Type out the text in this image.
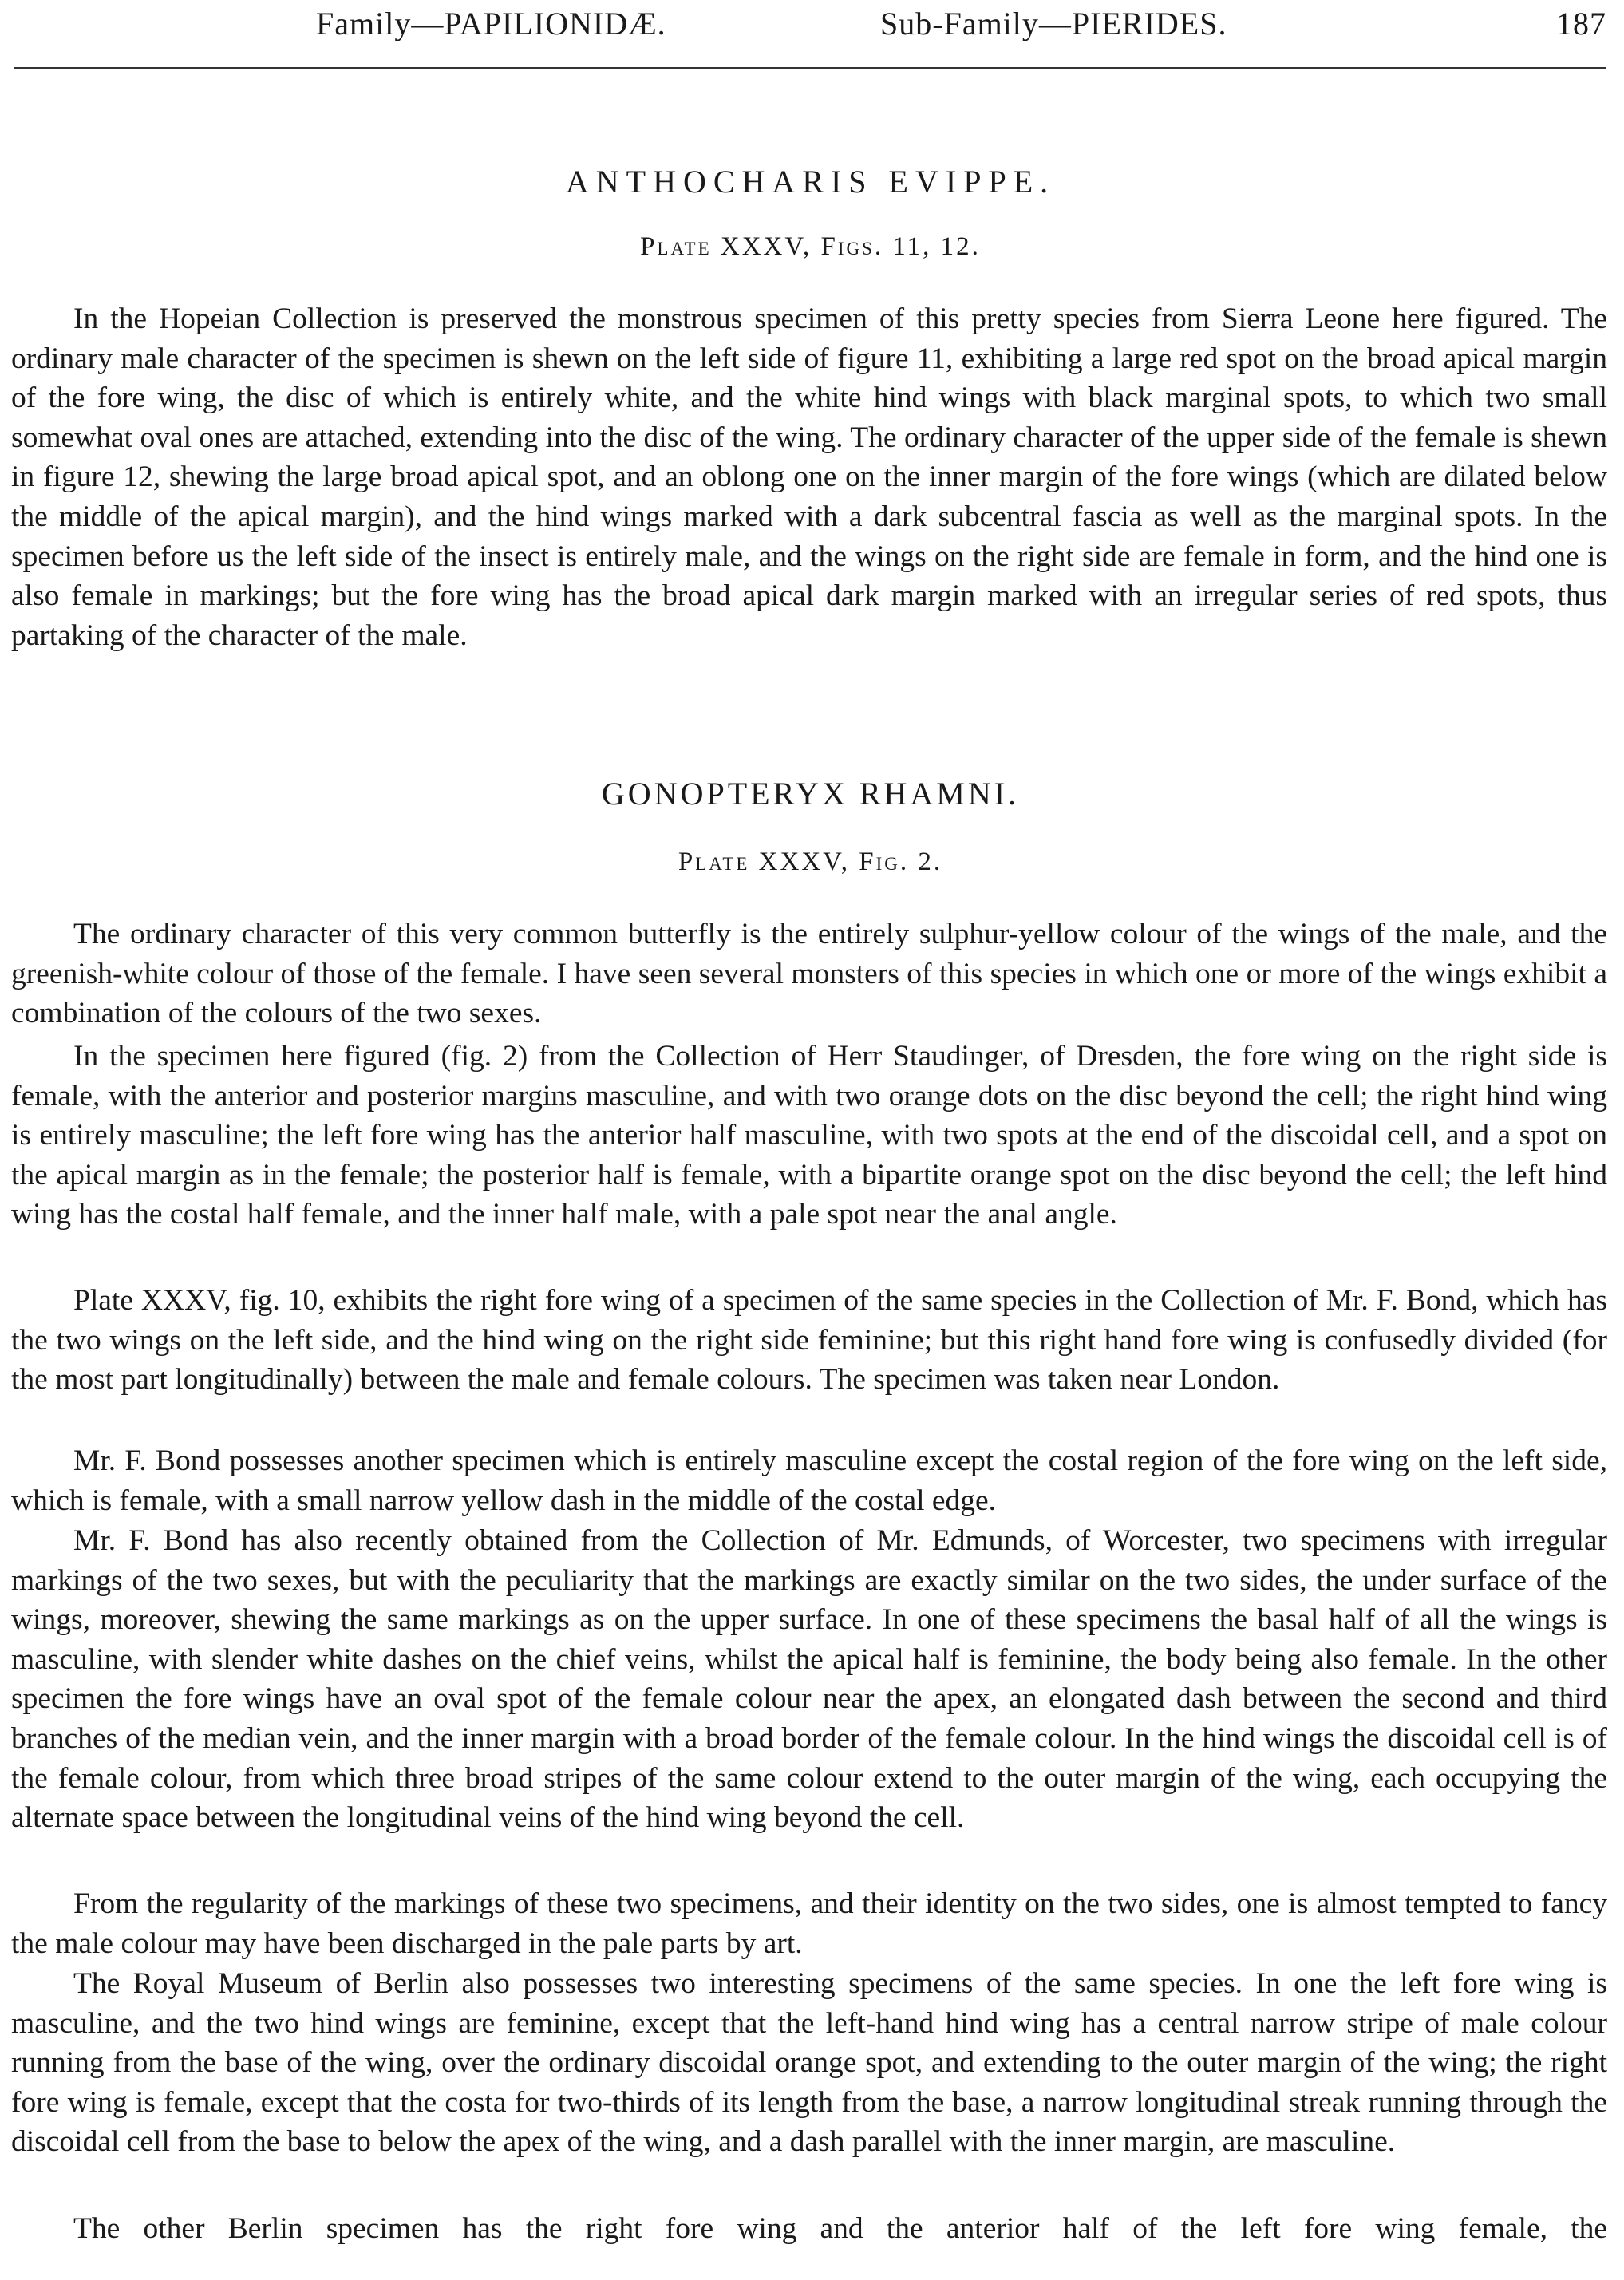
Family—PAPILIONIDÆ.	Sub-Family—PIERIDES.	187
ANTHOCHARIS EVIPPE.
Plate XXXV, Figs. 11, 12.

In the Hopeian Collection is preserved the monstrous specimen of this pretty species from Sierra Leone here figured. The ordinary male character of the specimen is shewn on the left side of figure 11, exhibiting a large red spot on the broad apical margin of the fore wing, the disc of which is entirely white, and the white hind wings with black marginal spots, to which two small somewhat oval ones are attached, extending into the disc of the wing. The ordinary character of the upper side of the female is shewn in figure 12, shewing the large broad apical spot, and an oblong one on the inner margin of the fore wings (which are dilated below the middle of the apical margin), and the hind wings marked with a dark subcentral fascia as well as the marginal spots. In the specimen before us the left side of the insect is entirely male, and the wings on the right side are female in form, and the hind one is also female in markings; but the fore wing has the broad apical dark margin marked with an irregular series of red spots, thus partaking of the character of the male.

GONOPTERYX RHAMNI.
Plate XXXV, Fig. 2.

The ordinary character of this very common butterfly is the entirely sulphur-yellow colour of the wings of the male, and the greenish-white colour of those of the female. I have seen several monsters of this species in which one or more of the wings exhibit a combination of the colours of the two sexes.

In the specimen here figured (fig. 2) from the Collection of Herr Staudinger, of Dresden, the fore wing on the right side is female, with the anterior and posterior margins masculine, and with two orange dots on the disc beyond the cell; the right hind wing is entirely masculine; the left fore wing has the anterior half masculine, with two spots at the end of the discoidal cell, and a spot on the apical margin as in the female; the posterior half is female, with a bipartite orange spot on the disc beyond the cell; the left hind wing has the costal half female, and the inner half male, with a pale spot near the anal angle.

Plate XXXV, fig. 10, exhibits the right fore wing of a specimen of the same species in the Collection of Mr. F. Bond, which has the two wings on the left side, and the hind wing on the right side feminine; but this right hand fore wing is confusedly divided (for the most part longitudinally) between the male and female colours. The specimen was taken near London.

Mr. F. Bond possesses another specimen which is entirely masculine except the costal region of the fore wing on the left side, which is female, with a small narrow yellow dash in the middle of the costal edge.

Mr. F. Bond has also recently obtained from the Collection of Mr. Edmunds, of Worcester, two specimens with irregular markings of the two sexes, but with the peculiarity that the markings are exactly similar on the two sides, the under surface of the wings, moreover, shewing the same markings as on the upper surface. In one of these specimens the basal half of all the wings is masculine, with slender white dashes on the chief veins, whilst the apical half is feminine, the body being also female. In the other specimen the fore wings have an oval spot of the female colour near the apex, an elongated dash between the second and third branches of the median vein, and the inner margin with a broad border of the female colour. In the hind wings the discoidal cell is of the female colour, from which three broad stripes of the same colour extend to the outer margin of the wing, each occupying the alternate space between the longitudinal veins of the hind wing beyond the cell.

From the regularity of the markings of these two specimens, and their identity on the two sides, one is almost tempted to fancy the male colour may have been discharged in the pale parts by art.

The Royal Museum of Berlin also possesses two interesting specimens of the same species. In one the left fore wing is masculine, and the two hind wings are feminine, except that the left-hand hind wing has a central narrow stripe of male colour running from the base of the wing, over the ordinary discoidal orange spot, and extending to the outer margin of the wing; the right fore wing is female, except that the costa for two-thirds of its length from the base, a narrow longitudinal streak running through the discoidal cell from the base to below the apex of the wing, and a dash parallel with the inner margin, are masculine.

The other Berlin specimen has the right fore wing and the anterior half of the left fore wing female, the
